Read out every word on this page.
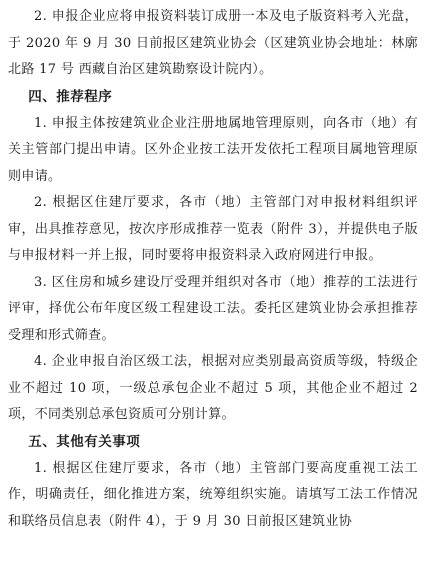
2. 申报企业应将申报资料装订成册一本及电子版资料考入光盘，于 2020 年 9 月 30 日前报区建筑业协会（区建筑业协会地址：林廓北路 17 号 西藏自治区建筑勘察设计院内）。

四、推荐程序

1. 申报主体按建筑业企业注册地属地管理原则，向各市（地）有关主管部门提出申请。区外企业按工法开发依托工程项目属地管理原则申请。

2. 根据区住建厅要求，各市（地）主管部门对申报材料组织评审，出具推荐意见，按次序形成推荐一览表（附件 3），并提供电子版与申报材料一并上报，同时要将申报资料录入政府网进行申报。

3. 区住房和城乡建设厅受理并组织对各市（地）推荐的工法进行评审，择优公布年度区级工程建设工法。委托区建筑业协会承担推荐受理和形式筛查。

4. 企业申报自治区级工法，根据对应类别最高资质等级，特级企业不超过 10 项，一级总承包企业不超过 5 项，其他企业不超过 2 项，不同类别总承包资质可分别计算。

五、其他有关事项

1. 根据区住建厅要求，各市（地）主管部门要高度重视工法工作，明确责任，细化推进方案，统筹组织实施。请填写工法工作情况和联络员信息表（附件 4），于 9 月 30 日前报区建筑业协
